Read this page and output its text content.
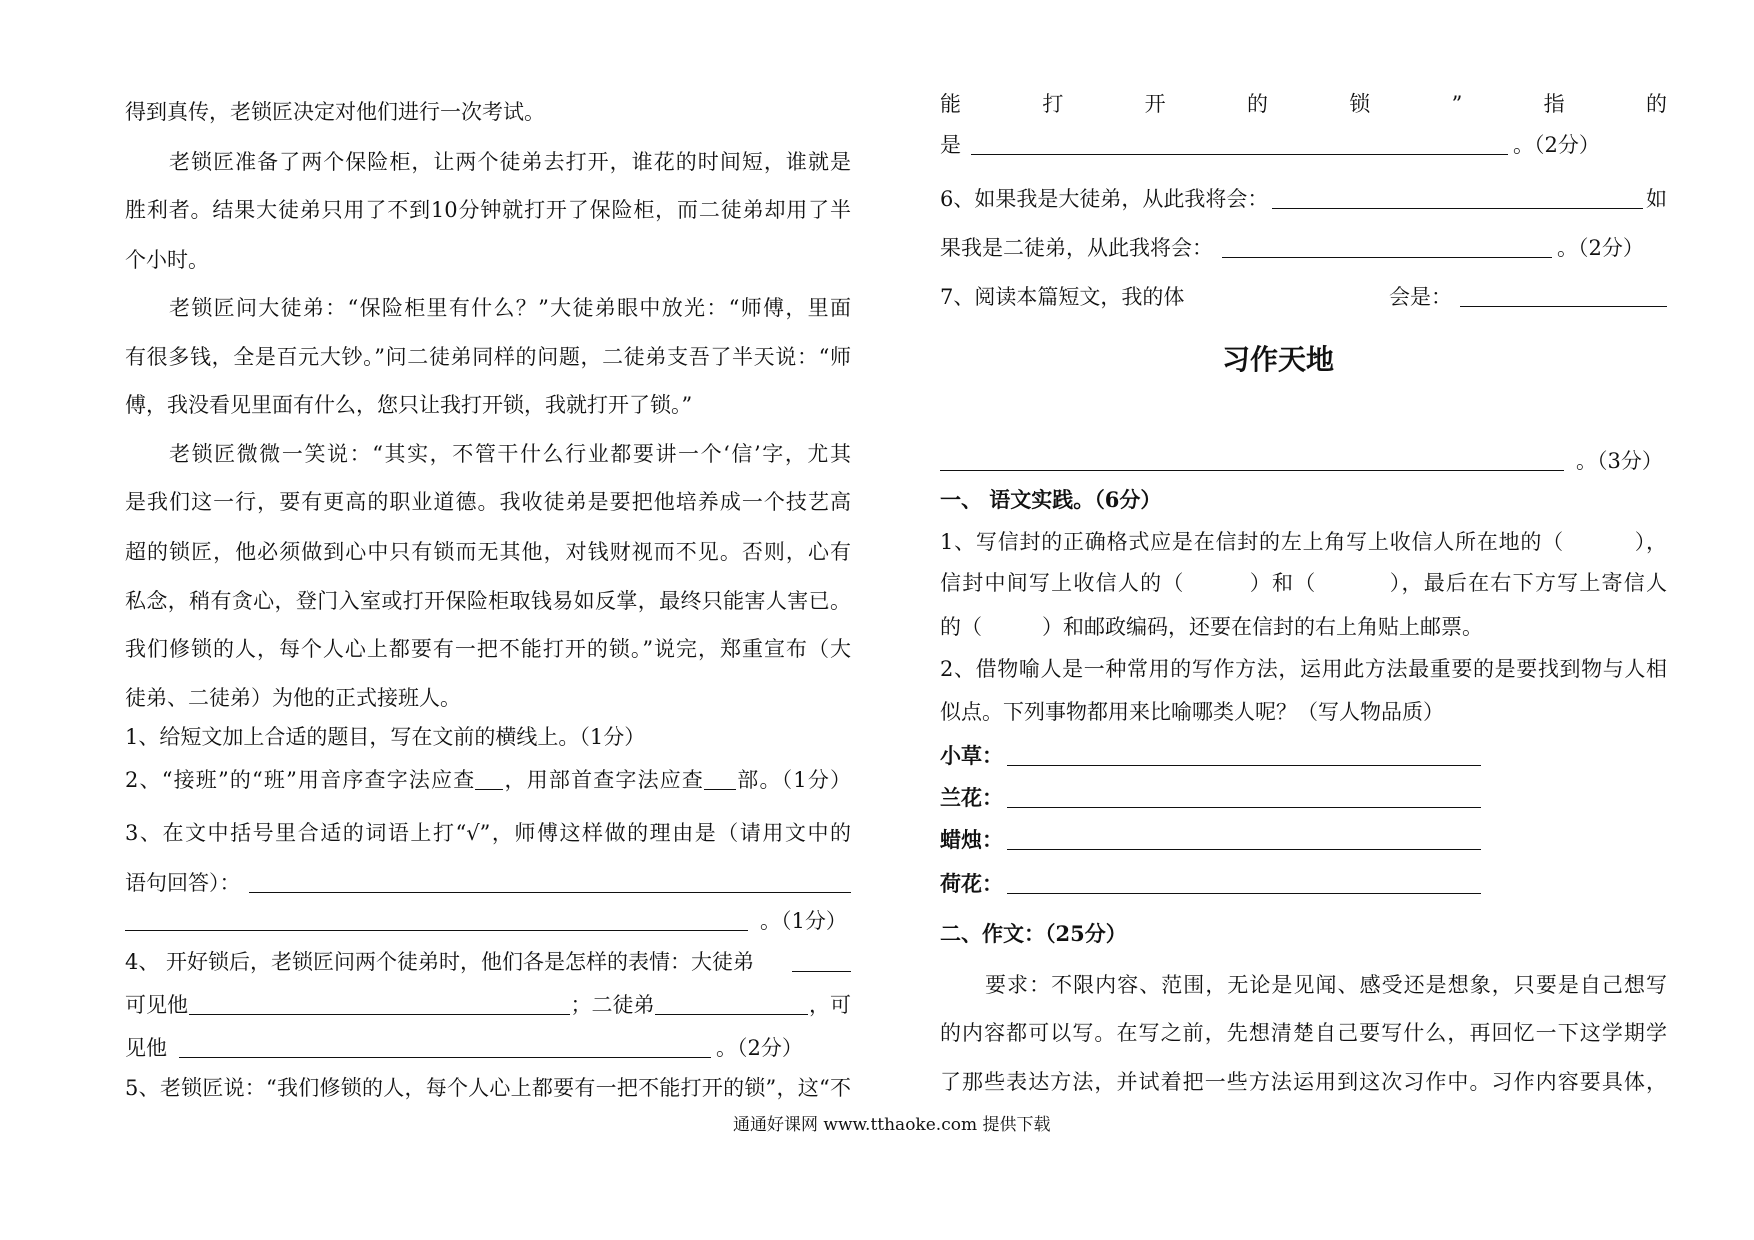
得到真传，老锁匠决定对他们进行一次考试。
老锁匠准备了两个保险柜，让两个徒弟去打开，谁花的时间短，谁就是
胜利者。结果大徒弟只用了不到10分钟就打开了保险柜，而二徒弟却用了半
个小时。
老锁匠问大徒弟：“保险柜里有什么？”大徒弟眼中放光：“师傅，里面
有很多钱，全是百元大钞。”问二徒弟同样的问题，二徒弟支吾了半天说：“师
傅，我没看见里面有什么，您只让我打开锁，我就打开了锁。”
老锁匠微微一笑说：“其实，不管干什么行业都要讲一个‘信’字，尤其
是我们这一行，要有更高的职业道德。我收徒弟是要把他培养成一个技艺高
超的锁匠，他必须做到心中只有锁而无其他，对钱财视而不见。否则，心有
私念，稍有贪心，登门入室或打开保险柜取钱易如反掌，最终只能害人害已。
我们修锁的人，每个人心上都要有一把不能打开的锁。”说完，郑重宣布（大
徒弟、二徒弟）为他的正式接班人。
1、给短文加上合适的题目，写在文前的横线上。（1分）
2、“接班”的“班”用音序查字法应查 ，用部首查字法应查 部。（1分）
3、在文中括号里合适的词语上打“√”，师傅这样做的理由是（请用文中的
语句回答）：
。（1分）
4、 开好锁后，老锁匠问两个徒弟时，他们各是怎样的表情：大徒弟
可见他	；二徒弟	，可
见他	。（2分）
5、老锁匠说：“我们修锁的人，每个人心上都要有一把不能打开的锁”，这“不
能打开的锁”指的
是	。（2分）
6、如果我是大徒弟，从此我将会：	如
果我是二徒弟，从此我将会：	。（2分）
7、阅读本篇短文，我的体	会是：
习作天地
。（3分）
一、 语文实践。（6分）
1、写信封的正确格式应是在信封的左上角写上收信人所在地的（	），
信封中间写上收信人的（	）和（	），最后在右下方写上寄信人
的（	）和邮政编码，还要在信封的右上角贴上邮票。
2、借物喻人是一种常用的写作方法，运用此方法最重要的是要找到物与人相
似点。下列事物都用来比喻哪类人呢？（写人物品质）
小草：
兰花：
蜡烛：
荷花：
二、作文：（25分）
要求：不限内容、范围，无论是见闻、感受还是想象，只要是自己想写
的内容都可以写。在写之前，先想清楚自己要写什么，再回忆一下这学期学
了那些表达方法，并试着把一些方法运用到这次习作中。习作内容要具体，
通通好课网 www.tthaoke.com 提供下载
